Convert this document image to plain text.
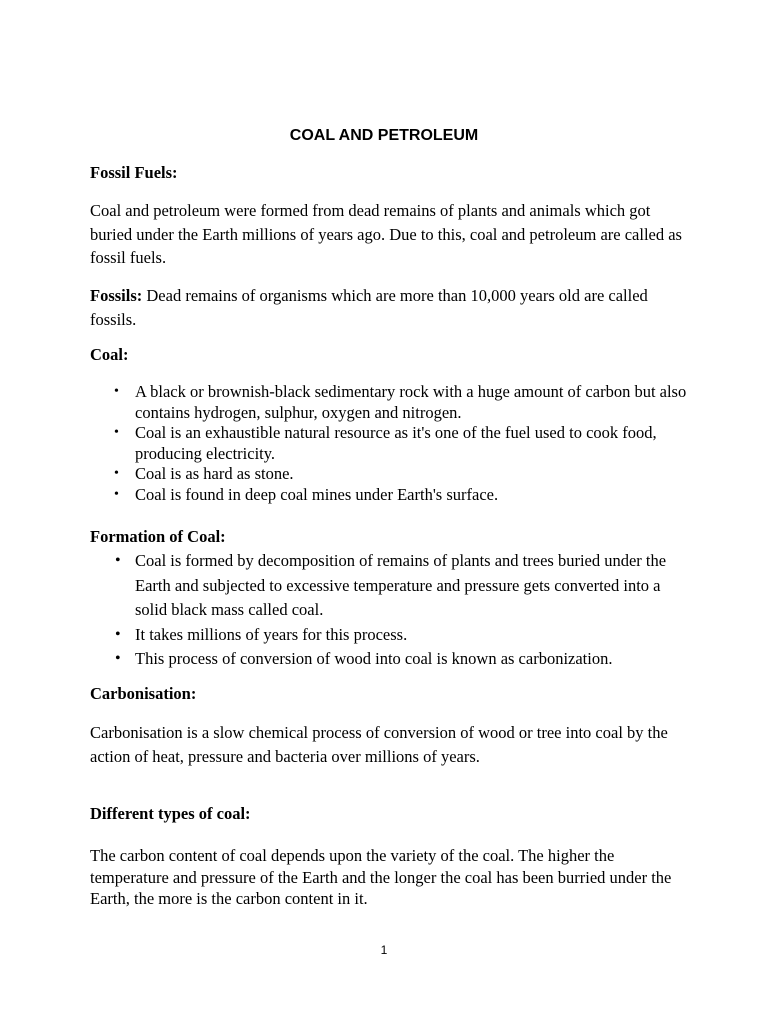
COAL AND PETROLEUM
Fossil Fuels:

Coal and petroleum were formed from dead remains of plants and animals which got buried under the Earth millions of years ago. Due to this, coal and petroleum are called as fossil fuels.

Fossils: Dead remains of organisms which are more than 10,000 years old are called fossils.

Coal:
• A black or brownish-black sedimentary rock with a huge amount of carbon but also contains hydrogen, sulphur, oxygen and nitrogen.
• Coal is an exhaustible natural resource as it's one of the fuel used to cook food, producing electricity.
• Coal is as hard as stone.
• Coal is found in deep coal mines under Earth's surface.
Formation of Coal:
• Coal is formed by decomposition of remains of plants and trees buried under the Earth and subjected to excessive temperature and pressure gets converted into a solid black mass called coal.
• It takes millions of years for this process.
• This process of conversion of wood into coal is known as carbonization.
Carbonisation:

Carbonisation is a slow chemical process of conversion of wood or tree into coal by the action of heat, pressure and bacteria over millions of years.

Different types of coal:

The carbon content of coal depends upon the variety of the coal. The higher the temperature and pressure of the Earth and the longer the coal has been burried under the Earth, the more is the carbon content in it.

1
